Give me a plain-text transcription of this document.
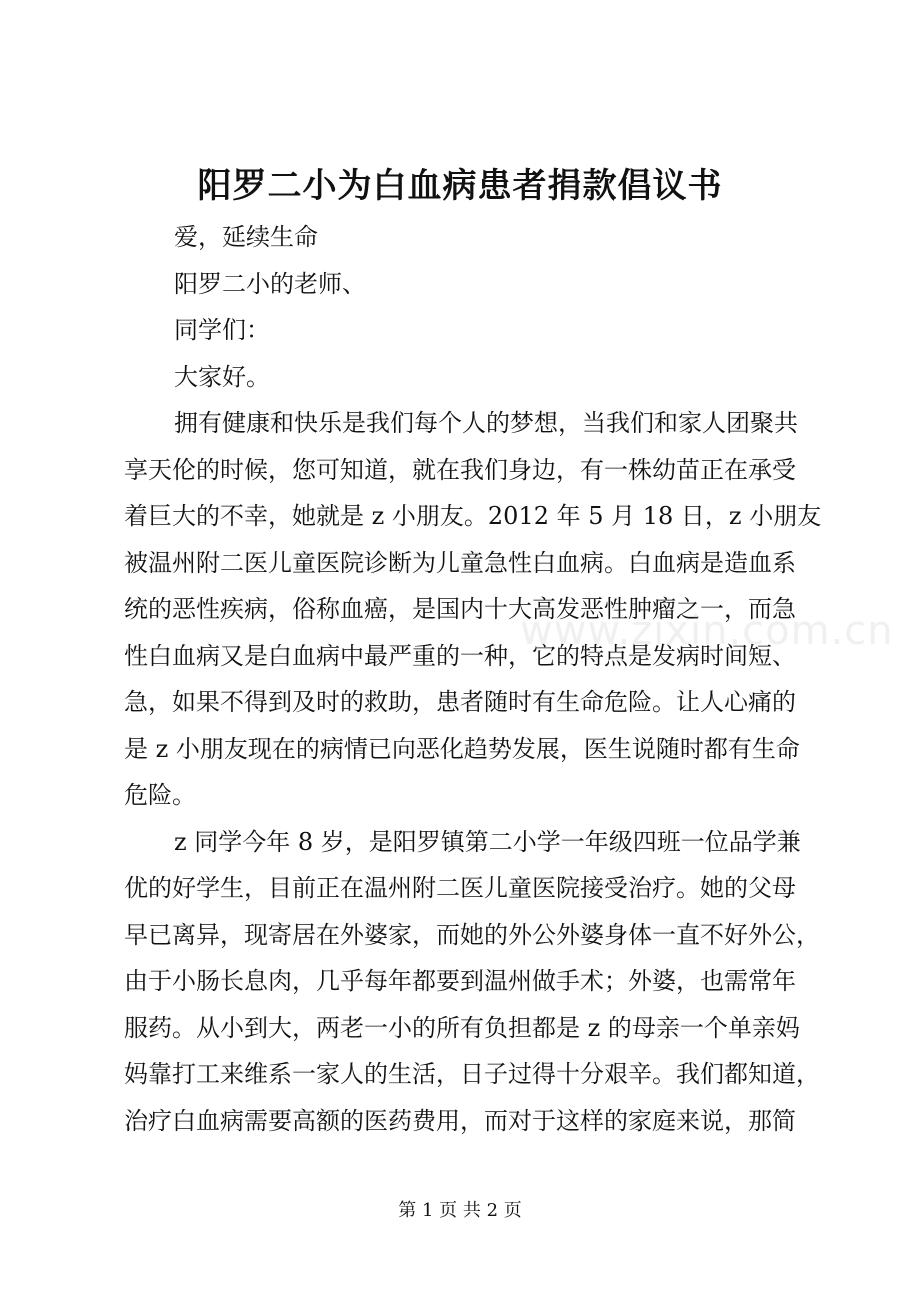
阳罗二小为白血病患者捐款倡议书
爱，延续生命
阳罗二小的老师、
同学们：
大家好。
拥有健康和快乐是我们每个人的梦想，当我们和家人团聚共
享天伦的时候，您可知道，就在我们身边，有一株幼苗正在承受
着巨大的不幸，她就是 z 小朋友。2012 年 5 月 18 日，z 小朋友
被温州附二医儿童医院诊断为儿童急性白血病。白血病是造血系
统的恶性疾病，俗称血癌，是国内十大高发恶性肿瘤之一，而急
性白血病又是白血病中最严重的一种，它的特点是发病时间短、
急，如果不得到及时的救助，患者随时有生命危险。让人心痛的
是 z 小朋友现在的病情已向恶化趋势发展，医生说随时都有生命
危险。
z 同学今年 8 岁，是阳罗镇第二小学一年级四班一位品学兼
优的好学生，目前正在温州附二医儿童医院接受治疗。她的父母
早已离异，现寄居在外婆家，而她的外公外婆身体一直不好外公，
由于小肠长息肉，几乎每年都要到温州做手术；外婆，也需常年
服药。从小到大，两老一小的所有负担都是 z 的母亲一个单亲妈
妈靠打工来维系一家人的生活，日子过得十分艰辛。我们都知道，
治疗白血病需要高额的医药费用，而对于这样的家庭来说，那简
www.zixin.com.cn
第 1 页 共 2 页
